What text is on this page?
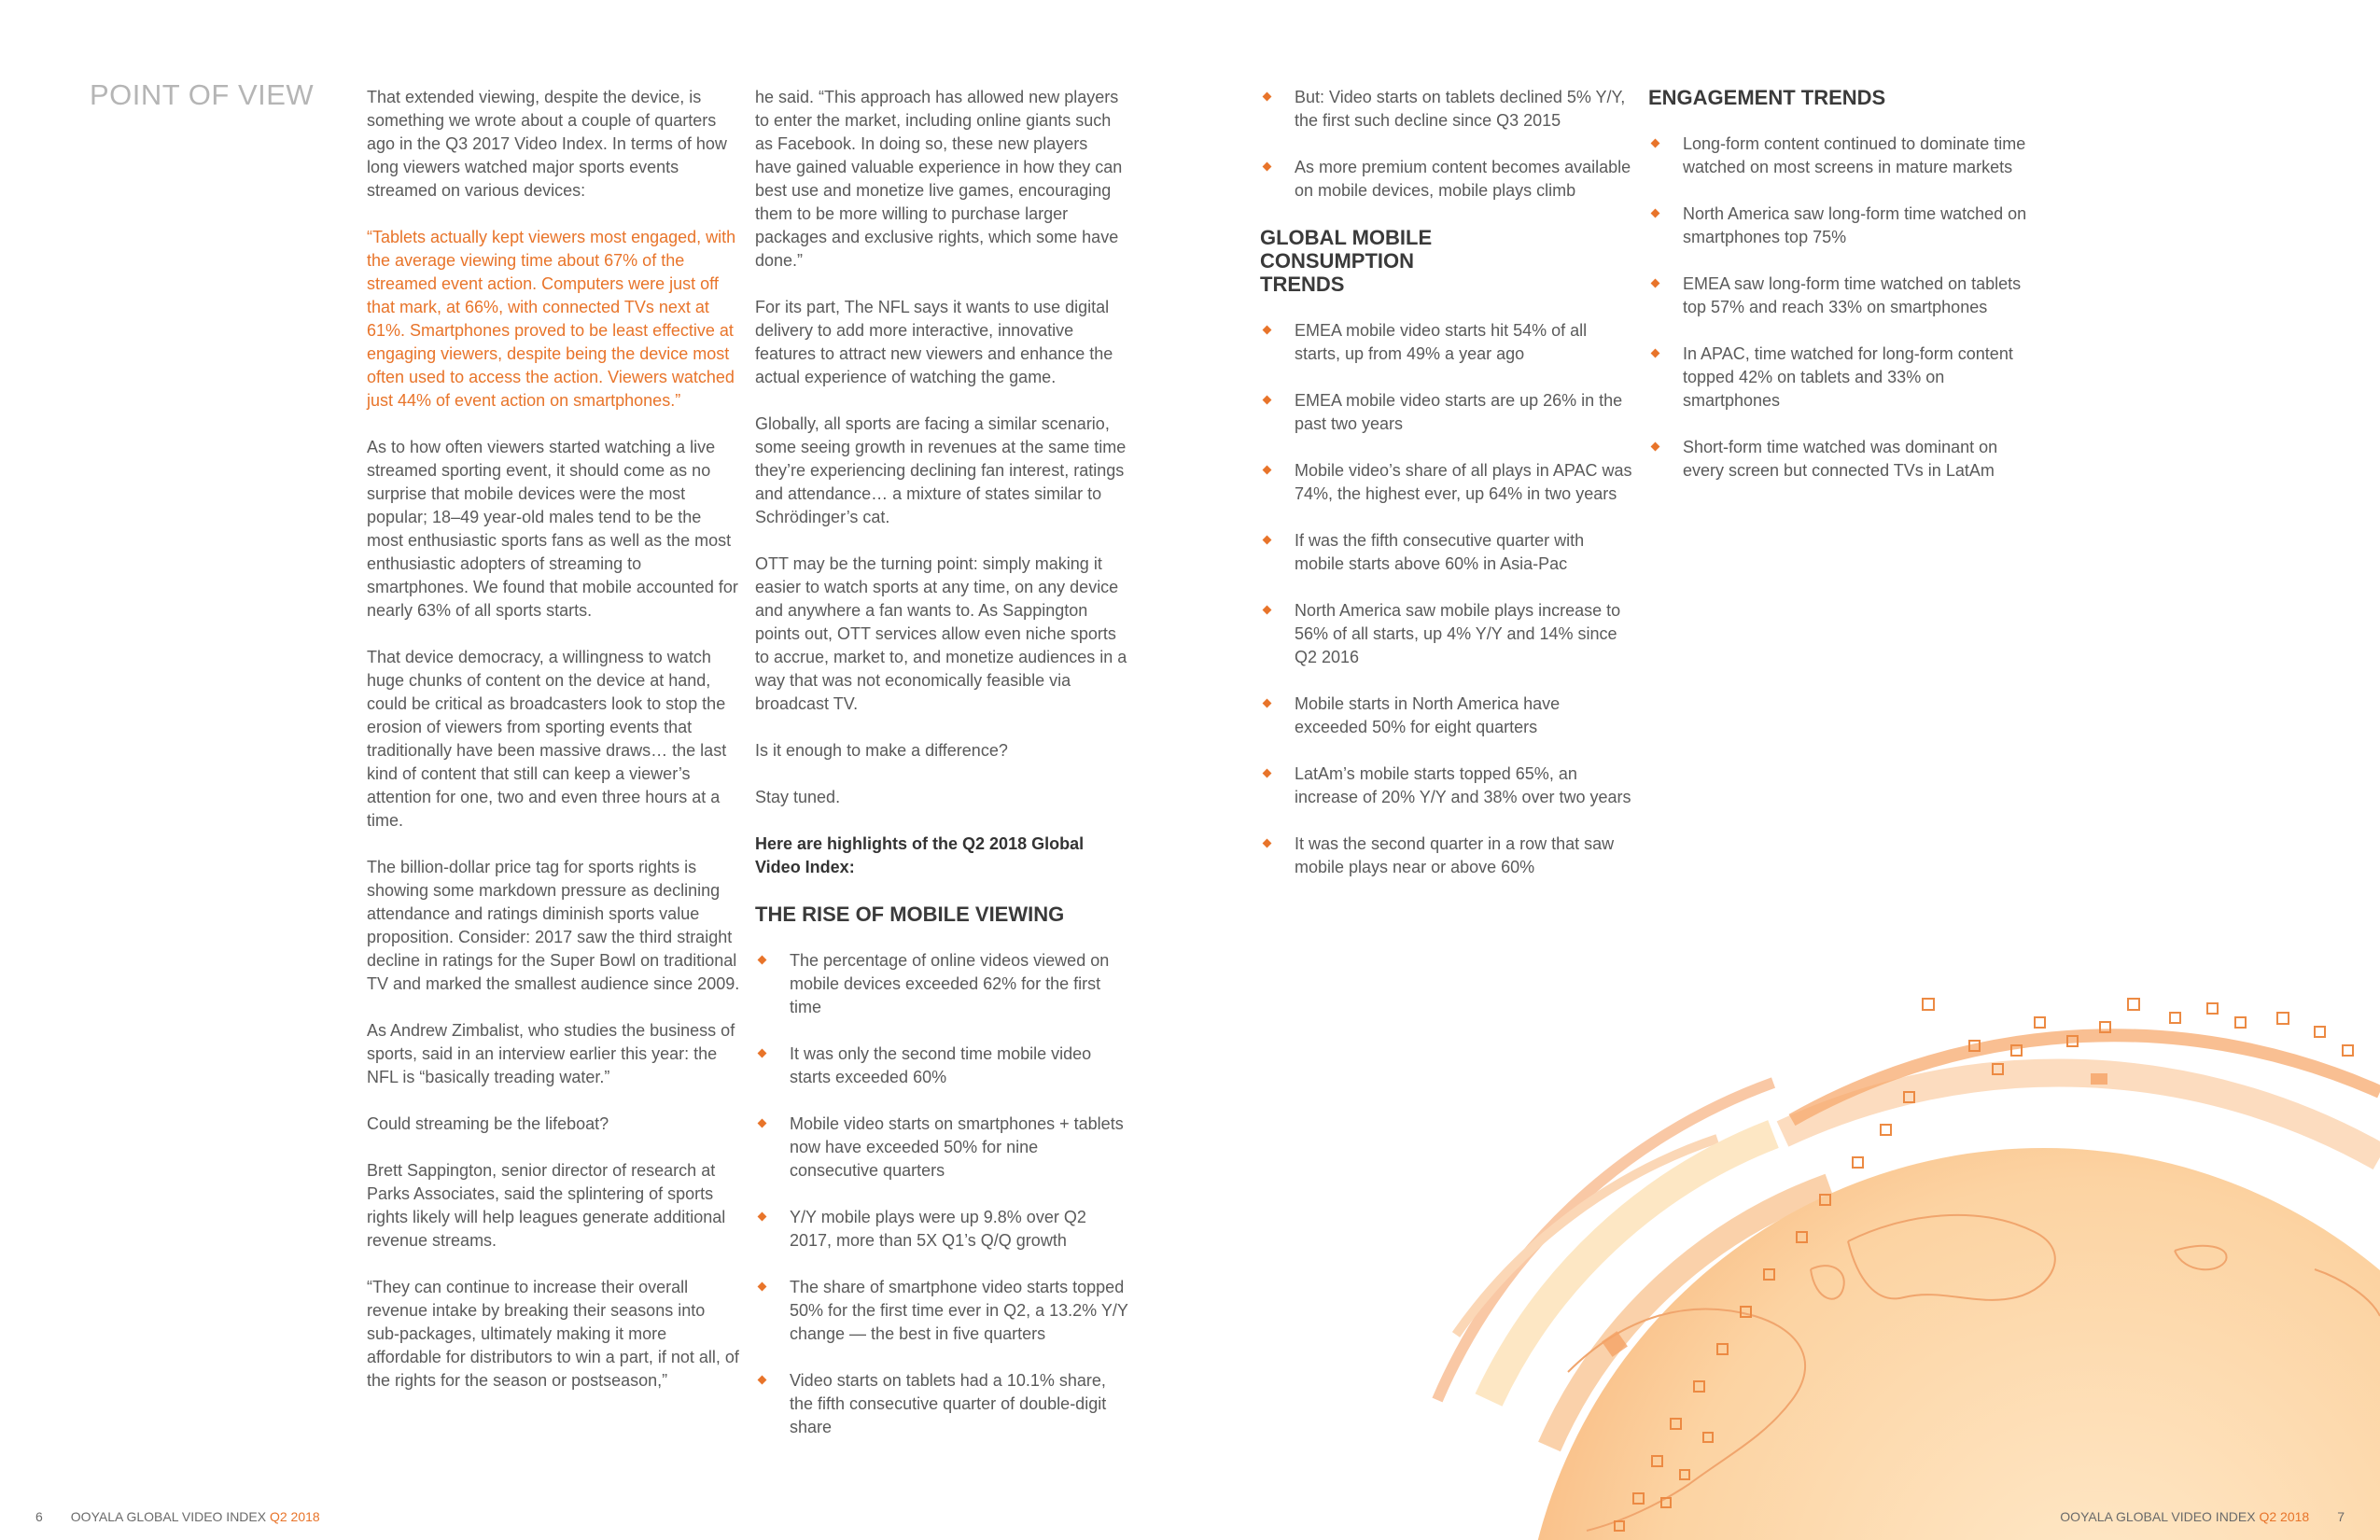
POINT OF VIEW	That extended viewing, despite the device, is something we wrote about a couple of quarters ago in the Q3 2017 Video Index. In terms of how long viewers watched major sports events streamed on various devices:

“Tablets actually kept viewers most engaged, with the average viewing time about 67% of the streamed event action. Computers were just off that mark, at 66%, with connected TVs next at 61%. Smartphones proved to be least effective at engaging viewers, despite being the device most often used to access the action. Viewers watched just 44% of event action on smartphones.”

As to how often viewers started watching a live streamed sporting event, it should come as no surprise that mobile devices were the most popular; 18–49 year-old males tend to be the most enthusiastic sports fans as well as the most enthusiastic adopters of streaming to smartphones. We found that mobile accounted for nearly 63% of all sports starts.

That device democracy, a willingness to watch huge chunks of content on the device at hand, could be critical as broadcasters look to stop the erosion of viewers from sporting events that traditionally have been massive draws… the last kind of content that still can keep a viewer’s attention for one, two and even three hours at a time.

The billion-dollar price tag for sports rights is showing some markdown pressure as declining attendance and ratings diminish sports value proposition. Consider: 2017 saw the third straight decline in ratings for the Super Bowl on traditional TV and marked the smallest audience since 2009.

As Andrew Zimbalist, who studies the business of sports, said in an interview earlier this year: the NFL is “basically treading water.”

Could streaming be the lifeboat?

Brett Sappington, senior director of research at Parks Associates, said the splintering of sports rights likely will help leagues generate additional revenue streams.

“They can continue to increase their overall revenue intake by breaking their seasons into sub-packages, ultimately making it more affordable for distributors to win a part, if not all, of the rights for the season or postseason,”

he said. “This approach has allowed new players to enter the market, including online giants such as Facebook. In doing so, these new players have gained valuable experience in how they can best use and monetize live games, encouraging them to be more willing to purchase larger packages and exclusive rights, which some have done.”

For its part, The NFL says it wants to use digital delivery to add more interactive, innovative features to attract new viewers and enhance the actual experience of watching the game.

Globally, all sports are facing a similar scenario, some seeing growth in revenues at the same time they’re experiencing declining fan interest, ratings and attendance… a mixture of states similar to Schrödinger’s cat.

OTT may be the turning point: simply making it easier to watch sports at any time, on any device and anywhere a fan wants to. As Sappington points out, OTT services allow even niche sports to accrue, market to, and monetize audiences in a way that was not economically feasible via broadcast TV.

Is it enough to make a difference?

Stay tuned.

Here are highlights of the Q2 2018 Global Video Index:

THE RISE OF MOBILE VIEWING
The percentage of online videos viewed on mobile devices exceeded 62% for the first time
It was only the second time mobile video starts exceeded 60%
Mobile video starts on smartphones + tablets now have exceeded 50% for nine consecutive quarters
Y/Y mobile plays were up 9.8% over Q2 2017, more than 5X Q1’s Q/Q growth
The share of smartphone video starts topped 50% for the first time ever in Q2, a 13.2% Y/Y change — the best in five quarters
Video starts on tablets had a 10.1% share, the fifth consecutive quarter of double-digit share
But: Video starts on tablets declined 5% Y/Y, the first such decline since Q3 2015
As more premium content becomes available on mobile devices, mobile plays climb
GLOBAL MOBILE CONSUMPTION TRENDS
EMEA mobile video starts hit 54% of all starts, up from 49% a year ago
EMEA mobile video starts are up 26% in the past two years
Mobile video’s share of all plays in APAC was 74%, the highest ever, up 64% in two years
If was the fifth consecutive quarter with mobile starts above 60% in Asia-Pac
North America saw mobile plays increase to 56% of all starts, up 4% Y/Y and 14% since Q2 2016
Mobile starts in North America have exceeded 50% for eight quarters
LatAm’s mobile starts topped 65%, an increase of 20% Y/Y and 38% over two years
It was the second quarter in a row that saw mobile plays near or above 60%
ENGAGEMENT TRENDS
Long-form content continued to dominate time watched on most screens in mature markets
North America saw long-form time watched on smartphones top 75%
EMEA saw long-form time watched on tablets top 57% and reach 33% on smartphones
In APAC, time watched for long-form content topped 42% on tablets and 33% on smartphones
Short-form time watched was dominant on every screen but connected TVs in LatAm
6 OOYALA GLOBAL VIDEO INDEX Q2 2018	OOYALA GLOBAL VIDEO INDEX Q2 2018 7
